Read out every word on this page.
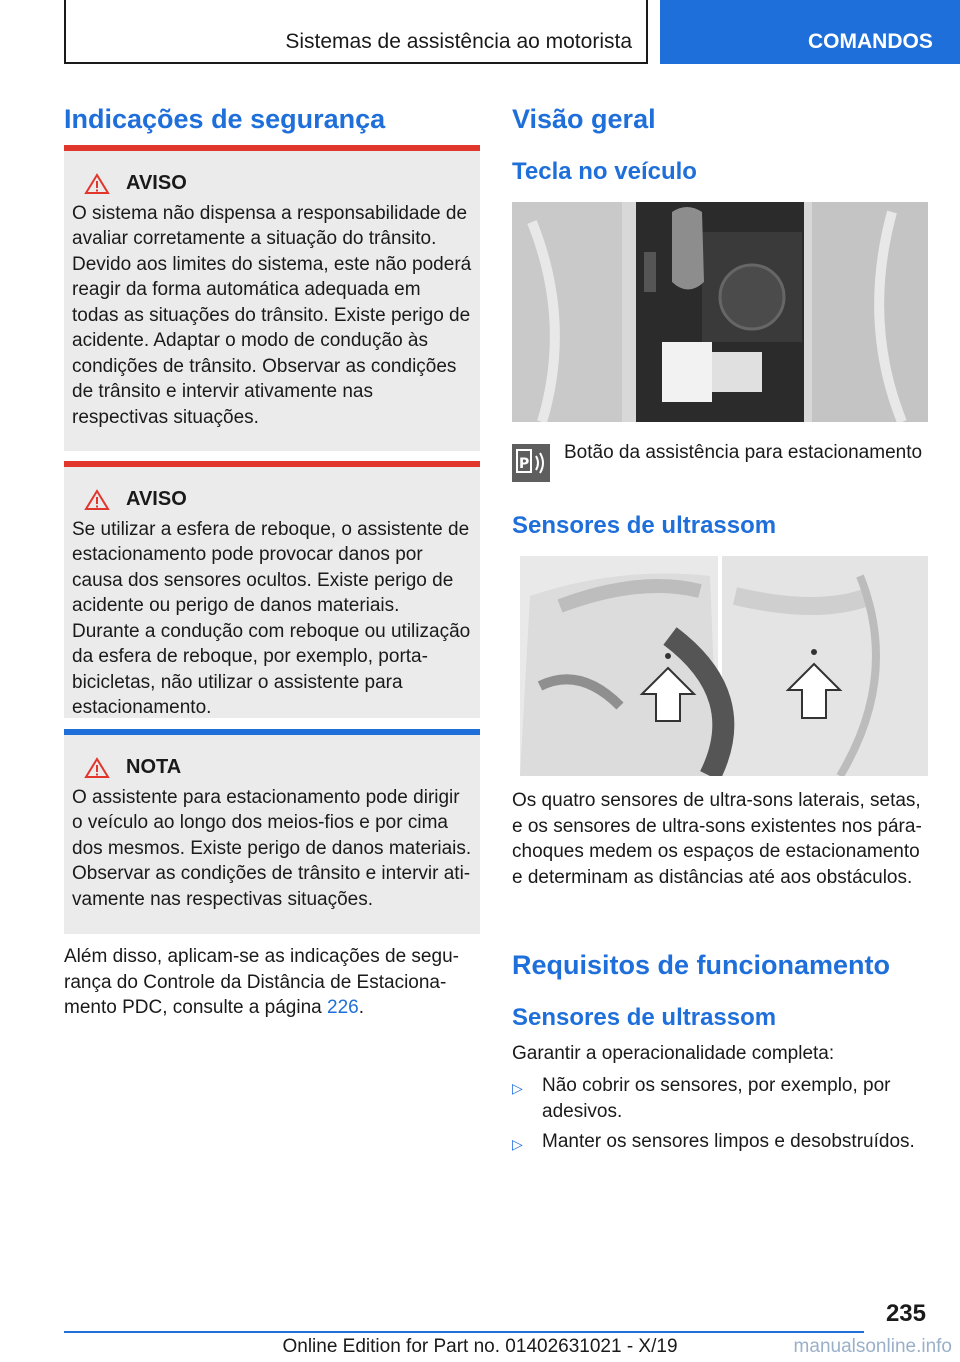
Sistemas de assistência ao motorista	COMANDOS
Indicações de segurança
AVISO

O sistema não dispensa a responsabilidade de avaliar corretamente a situação do trânsito. Devido aos limites do sistema, este não poderá reagir da forma automática adequada em todas as situações do trânsito. Existe perigo de acidente. Adaptar o modo de condução às condições de trânsito. Observar as condições de trânsito e intervir ativamente nas respectivas situações.

AVISO

Se utilizar a esfera de reboque, o assistente de estacionamento pode provocar danos por causa dos sensores ocultos. Existe perigo de acidente ou perigo de danos materiais. Durante a condução com reboque ou utilização da esfera de reboque, por exemplo, porta-bicicletas, não utilizar o assistente para estacionamento.

NOTA

O assistente para estacionamento pode dirigir o veículo ao longo dos meios-fios e por cima dos mesmos. Existe perigo de danos materiais. Observar as condições de trânsito e intervir ativamente nas respectivas situações.

Além disso, aplicam-se as indicações de segurança do Controle da Distância de Estacionamento PDC, consulte a página 226.

Visão geral
Tecla no veículo
P
Botão da assistência para estacionamento
Sensores de ultrassom

Os quatro sensores de ultra-sons laterais, setas, e os sensores de ultra-sons existentes nos pára-choques medem os espaços de estacionamento e determinam as distâncias até aos obstáculos.

Requisitos de funcionamento
Sensores de ultrassom

Garantir a operacionalidade completa:

▷	Não cobrir os sensores, por exemplo, por adesivos.
▷	Manter os sensores limpos e desobstruídos.
235
Online Edition for Part no. 01402631021 - X/19	manualsonline.info
